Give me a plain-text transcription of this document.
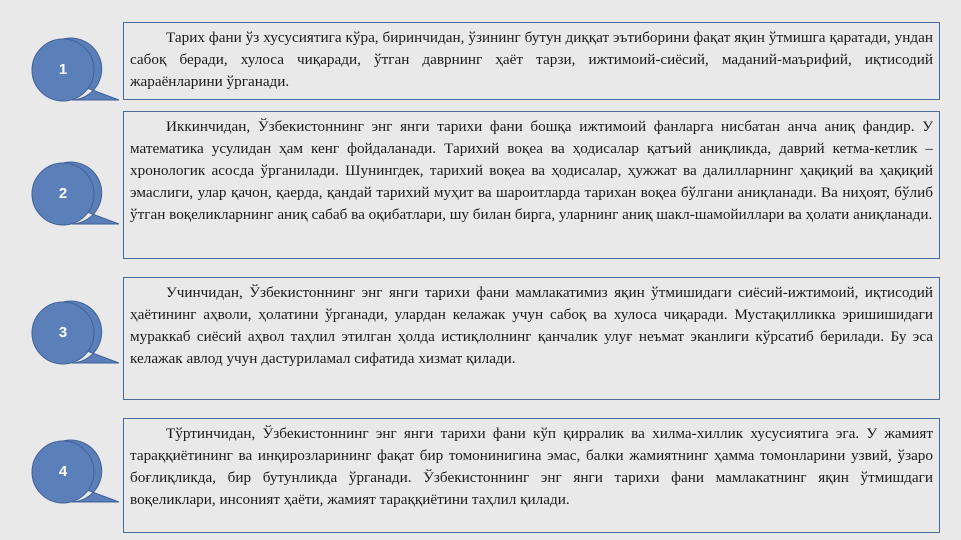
1

Тарих фани ўз хусусиятига кўра, биринчидан, ўзининг бутун диққат эътиборини фақат яқин ўтмишга қаратади, ундан сабоқ беради, хулоса чиқаради, ўтган даврнинг ҳаёт тарзи, ижтимоий-сиёсий, маданий-маърифий, иқтисодий жараёнларини ўрганади.

2

Иккинчидан, Ўзбекистоннинг энг янги тарихи фани бошқа ижтимоий фанларга нисбатан анча аниқ фандир. У математика усулидан ҳам кенг фойдаланади. Тарихий воқеа ва ҳодисалар қатъий аниқликда, даврий кетма-кетлик – хронологик асосда ўрганилади. Шунингдек, тарихий воқеа ва ҳодисалар, ҳужжат ва далилларнинг ҳақиқий ва ҳақиқий эмаслиги, улар қачон, қаерда, қандай тарихий муҳит ва шароитларда тарихан воқеа бўлгани аниқланади. Ва ниҳоят, бўлиб ўтган воқеликларнинг аниқ сабаб ва оқибатлари, шу билан бирга, уларнинг аниқ шакл-шамойиллари ва ҳолати аниқланади.

3

Учинчидан, Ўзбекистоннинг энг янги тарихи фани мамлакатимиз яқин ўтмишидаги сиёсий-ижтимоий, иқтисодий ҳаётининг аҳволи, ҳолатини ўрганади, улардан келажак учун сабоқ ва хулоса чиқаради. Мустақилликка эришишидаги мураккаб сиёсий аҳвол таҳлил этилган ҳолда истиқлолнинг қанчалик улуғ неъмат эканлиги кўрсатиб берилади. Бу эса келажак авлод учун дастуриламал сифатида хизмат қилади.

4

Тўртинчидан, Ўзбекистоннинг энг янги тарихи фани кўп қирралик ва хилма-хиллик хусусиятига эга. У жамият тараққиётининг ва инқирозларининг фақат бир томонинигина эмас, балки жамиятнинг ҳамма томонларини узвий, ўзаро боғлиқликда, бир бутунликда ўрганади. Ўзбекистоннинг энг янги тарихи фани мамлакатнинг яқин ўтмишдаги воқеликлари, инсоният ҳаёти, жамият тараққиётини таҳлил қилади.
